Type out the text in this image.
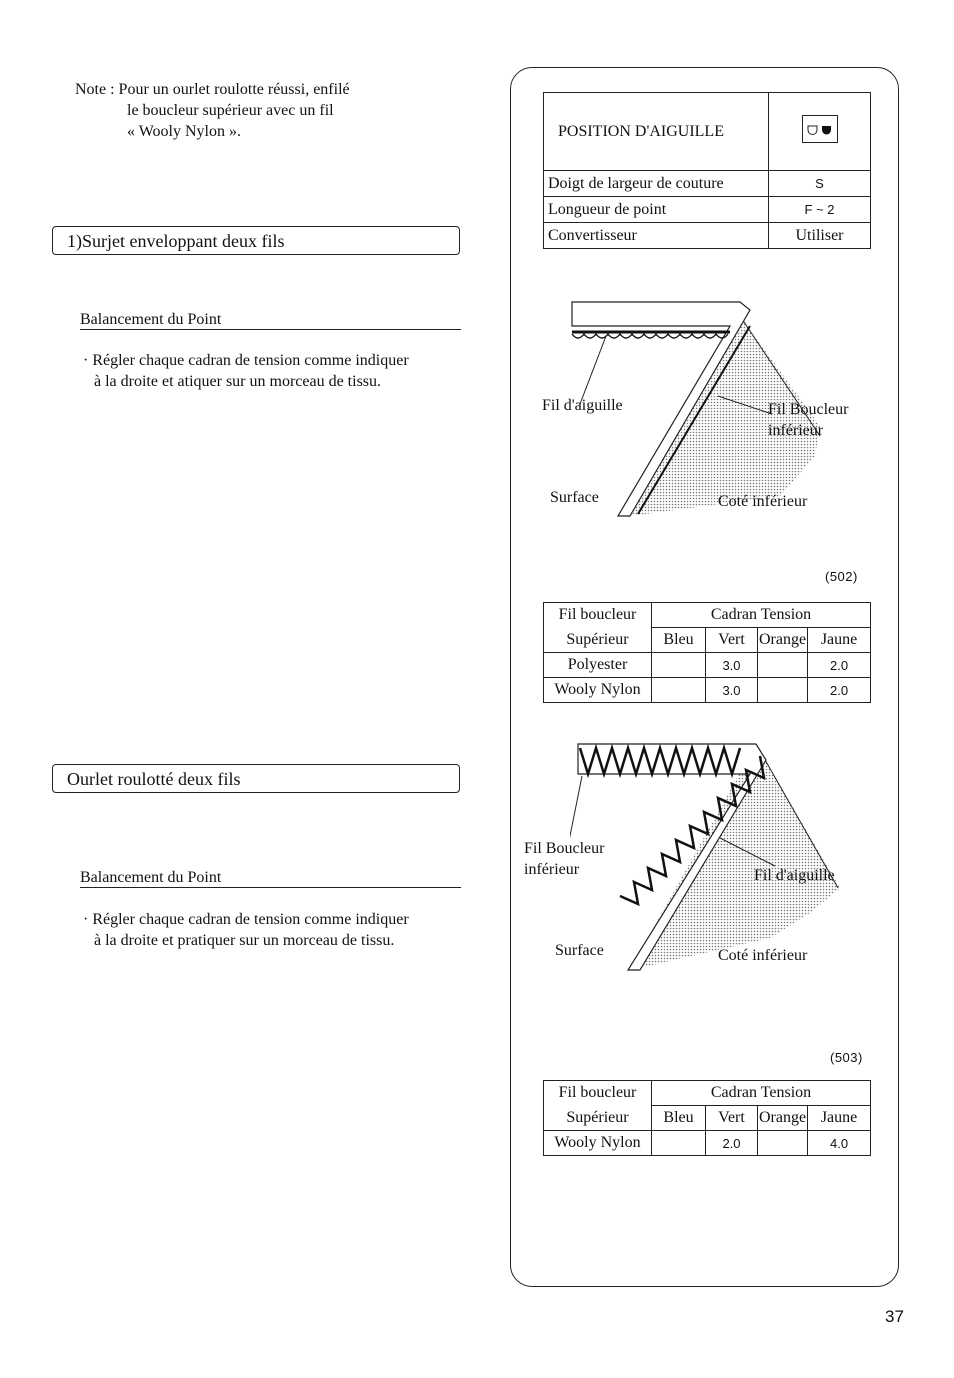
Note : Pour un ourlet roulotte réussi, enfilé
le boucleur supérieur avec un fil
« Wooly Nylon ».
1)Surjet enveloppant deux fils
Balancement du Point
· Régler chaque cadran de tension comme indiquer
à la droite et atiquer sur un morceau de tissu.
Ourlet roulotté deux fils
Balancement du Point
· Régler chaque cadran de tension comme indiquer
à la droite et pratiquer sur un morceau de tissu.
POSITION D'AIGUILLE	
Doigt de largeur de couture	S
Longueur de point	F ~ 2
Convertisseur	Utiliser
Fil d'aiguille	Fil Boucleur
inférieur
Surface	Coté inférieur
(502)
Fil boucleur	Cadran Tension			
Supérieur	Bleu	Vert	Orange	Jaune
Polyester		3.0		2.0
Wooly Nylon		3.0		2.0
Fil Boucleur
inférieur	Fil d'aiguille
Surface	Coté inférieur
(503)
Fil boucleur	Cadran Tension			
Supérieur	Bleu	Vert	Orange	Jaune
Wooly Nylon		2.0		4.0
37
